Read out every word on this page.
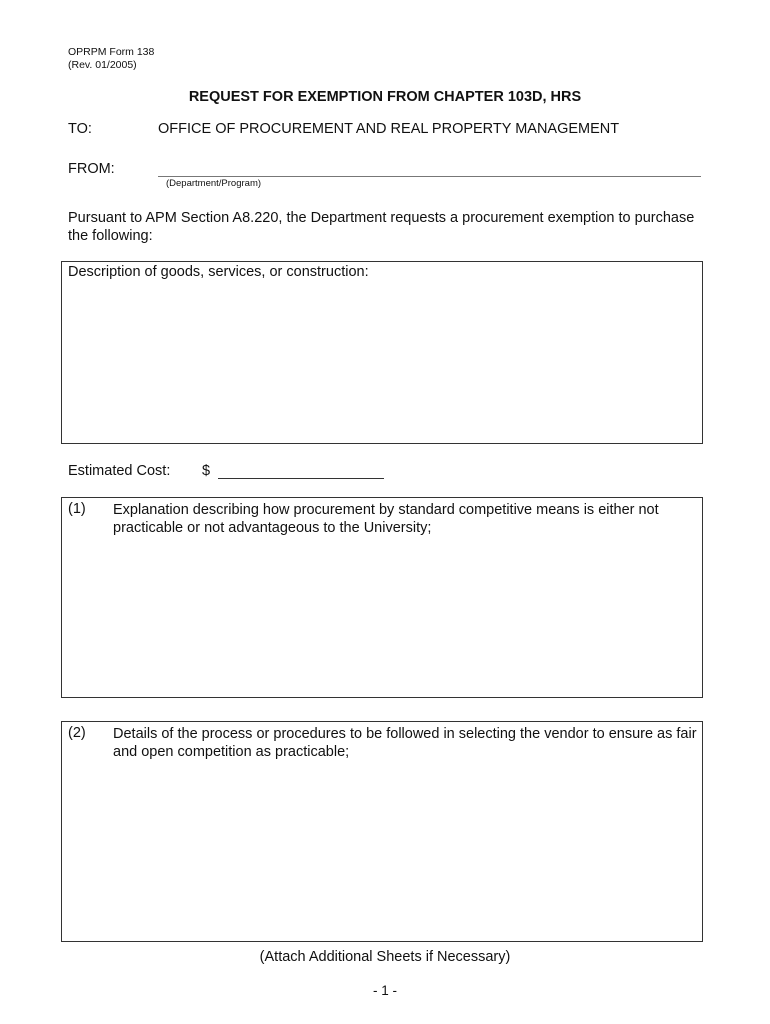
OPRPM Form 138
(Rev. 01/2005)
REQUEST FOR EXEMPTION FROM CHAPTER 103D, HRS
TO:	OFFICE OF PROCUREMENT AND REAL PROPERTY MANAGEMENT
FROM:
(Department/Program)
Pursuant to APM Section A8.220, the Department requests a procurement exemption to purchase the following:
Description of goods, services, or construction:
Estimated Cost: $
(1) Explanation describing how procurement by standard competitive means is either not practicable or not advantageous to the University;
(2) Details of the process or procedures to be followed in selecting the vendor to ensure as fair and open competition as practicable;
(Attach Additional Sheets if Necessary)
- 1 -
